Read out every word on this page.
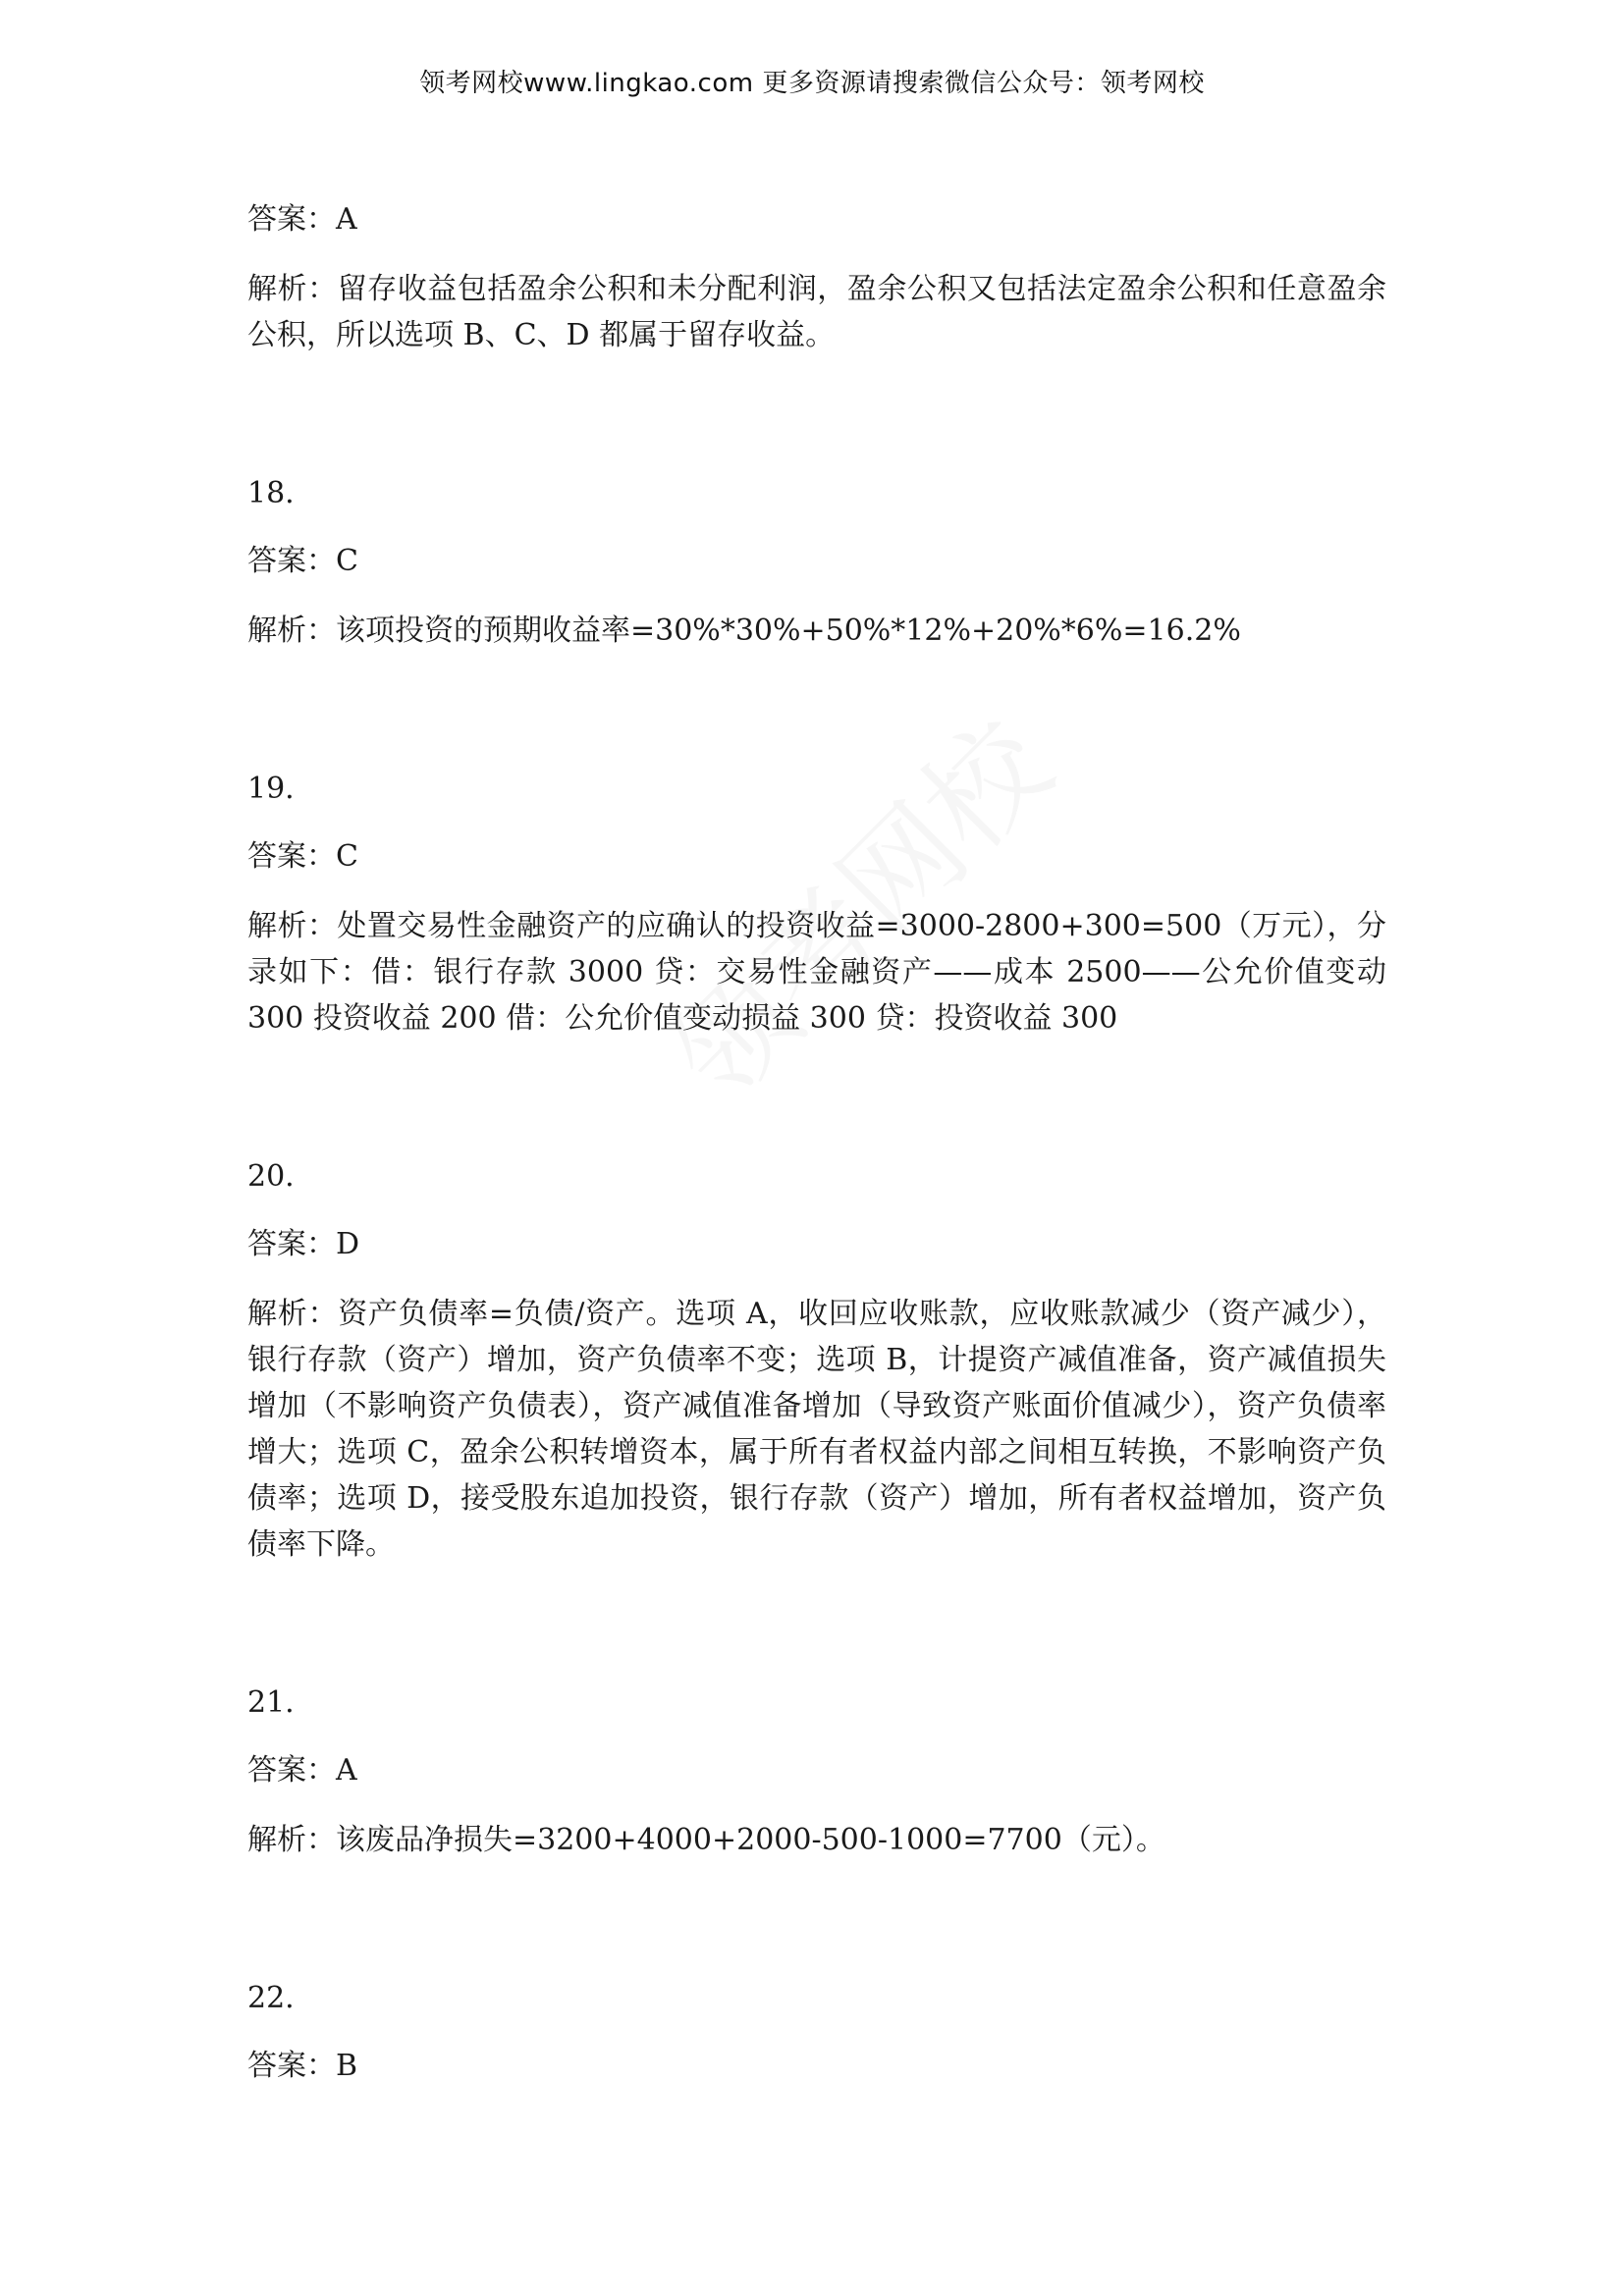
领考网校www.lingkao.com 更多资源请搜索微信公众号：领考网校

答案：A

解析：留存收益包括盈余公积和未分配利润，盈余公积又包括法定盈余公积和任意盈余公积，所以选项 B、C、D 都属于留存收益。

18.

答案：C

解析：该项投资的预期收益率=30%*30%+50%*12%+20%*6%=16.2%

19.

答案：C

解析：处置交易性金融资产的应确认的投资收益=3000-2800+300=500（万元），分录如下：借：银行存款 3000 贷：交易性金融资产——成本 2500——公允价值变动 300 投资收益 200 借：公允价值变动损益 300 贷：投资收益 300

20.

答案：D

解析：资产负债率=负债/资产。选项 A，收回应收账款，应收账款减少（资产减少），银行存款（资产）增加，资产负债率不变；选项 B，计提资产减值准备，资产减值损失增加（不影响资产负债表），资产减值准备增加（导致资产账面价值减少），资产负债率增大；选项 C，盈余公积转增资本，属于所有者权益内部之间相互转换，不影响资产负债率；选项 D，接受股东追加投资，银行存款（资产）增加，所有者权益增加，资产负债率下降。

21.

答案：A

解析：该废品净损失=3200+4000+2000-500-1000=7700（元）。

22.

答案：B
